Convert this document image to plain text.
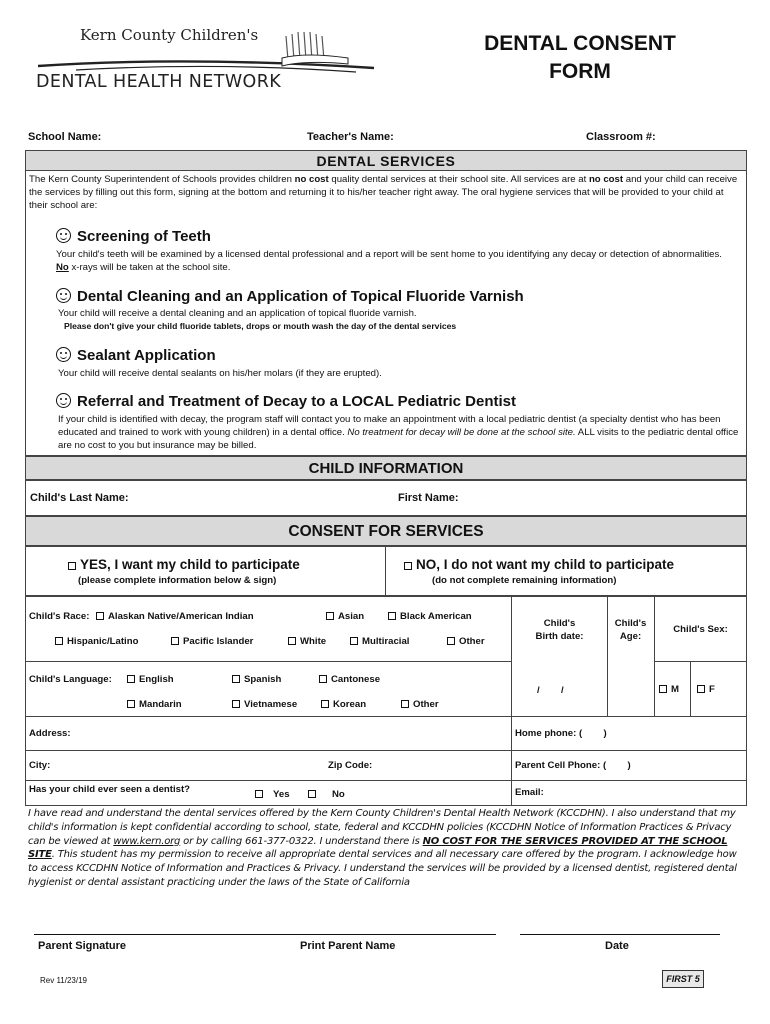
Kern County Children's
DENTAL HEALTH NETWORK
DENTAL CONSENT
FORM
School Name:	Teacher's Name:	Classroom #:
DENTAL SERVICES
The Kern County Superintendent of Schools provides children no cost quality dental services at their school site. All services are at no cost and your child can receive the services by filling out this form, signing at the bottom and returning it to his/her teacher right away. The oral hygiene services that will be provided to your child at their school are:
Screening of Teeth
Your child's teeth will be examined by a licensed dental professional and a report will be sent home to you identifying any decay or detection of abnormalities. No x-rays will be taken at the school site.
Dental Cleaning and an Application of Topical Fluoride Varnish
Your child will receive a dental cleaning and an application of topical fluoride varnish.
Please don't give your child fluoride tablets, drops or mouth wash the day of the dental services
Sealant Application
Your child will receive dental sealants on his/her molars (if they are erupted).
Referral and Treatment of Decay to a LOCAL Pediatric Dentist
If your child is identified with decay, the program staff will contact you to make an appointment with a local pediatric dentist (a specialty dentist who has been educated and trained to work with young children) in a dental office. No treatment for decay will be done at the school site. ALL visits to the pediatric dental office are no cost to you but insurance may be billed.
CHILD INFORMATION
Child's Last Name:	First Name:
CONSENT FOR SERVICES
YES, I want my child to participate
(please complete information below & sign)
NO, I do not want my child to participate
(do not complete remaining information)
Child's Race:	Alaskan Native/American Indian	Asian	Black American
Hispanic/Latino	Pacific Islander	White	Multiracial	Other
Child's Language:	English	Spanish	Cantonese
Mandarin	Vietnamese	Korean	Other
Child's
Birth date:
Child's
Age:
Child's Sex:
/        /	M	F
Address:	Home phone: (        )
City:	Zip Code:	Parent Cell Phone: (        )
Has your child ever seen a dentist?	Yes	No	Email:
I have read and understand the dental services offered by the Kern County Children's Dental Health Network (KCCDHN). I also understand that my child's information is kept confidential according to school, state, federal and KCCDHN policies (KCCDHN Notice of Information Practices & Privacy can be viewed at www.kern.org or by calling 661-377-0322. I understand there is NO COST FOR THE SERVICES PROVIDED AT THE SCHOOL SITE. This student has my permission to receive all appropriate dental services and all necessary care offered by the program. I acknowledge how to access KCCDHN Notice of Information and Practices & Privacy. I understand the services will be provided by a licensed dentist, registered dental hygienist or dental assistant practicing under the laws of the State of California
Parent Signature	Print Parent Name	Date
Rev 11/23/19	FIRST 5
